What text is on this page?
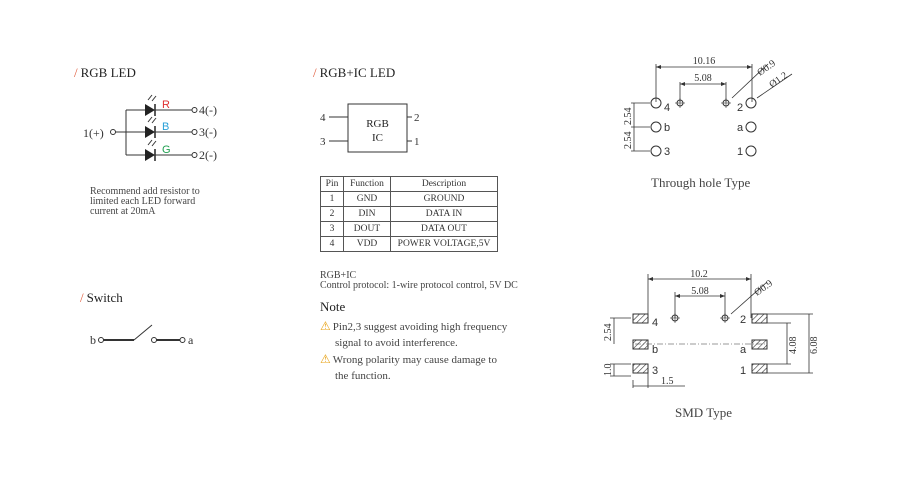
/ RGB LED
1(+)
R 4(-)
B 3(-)
G 2(-)
Recommend add resistor to
limited each LED forward
current at 20mA
/ Switch
b	a
/ RGB+IC LED
RGB
IC
4
3
2
1
Pin	Function	Description
1	GND	GROUND
2	DIN	DATA IN
3	DOUT	DATA OUT
4	VDD	POWER VOLTAGE,5V
RGB+IC
Control protocol: 1-wire protocol control, 5V DC
Note
⚠ Pin2,3 suggest avoiding high frequency
signal to avoid interference.
⚠ Wrong polarity may cause damage to
the function.
10.16
5.08
Ø0.9
Ø1.2
2.54
2.54
4
b
3
2
a
1
Through hole Type
10.2
5.08	Ø0.9
2.54
1.0
1.5
4
b
3
2
a
1
4.08 6.08
SMD Type
